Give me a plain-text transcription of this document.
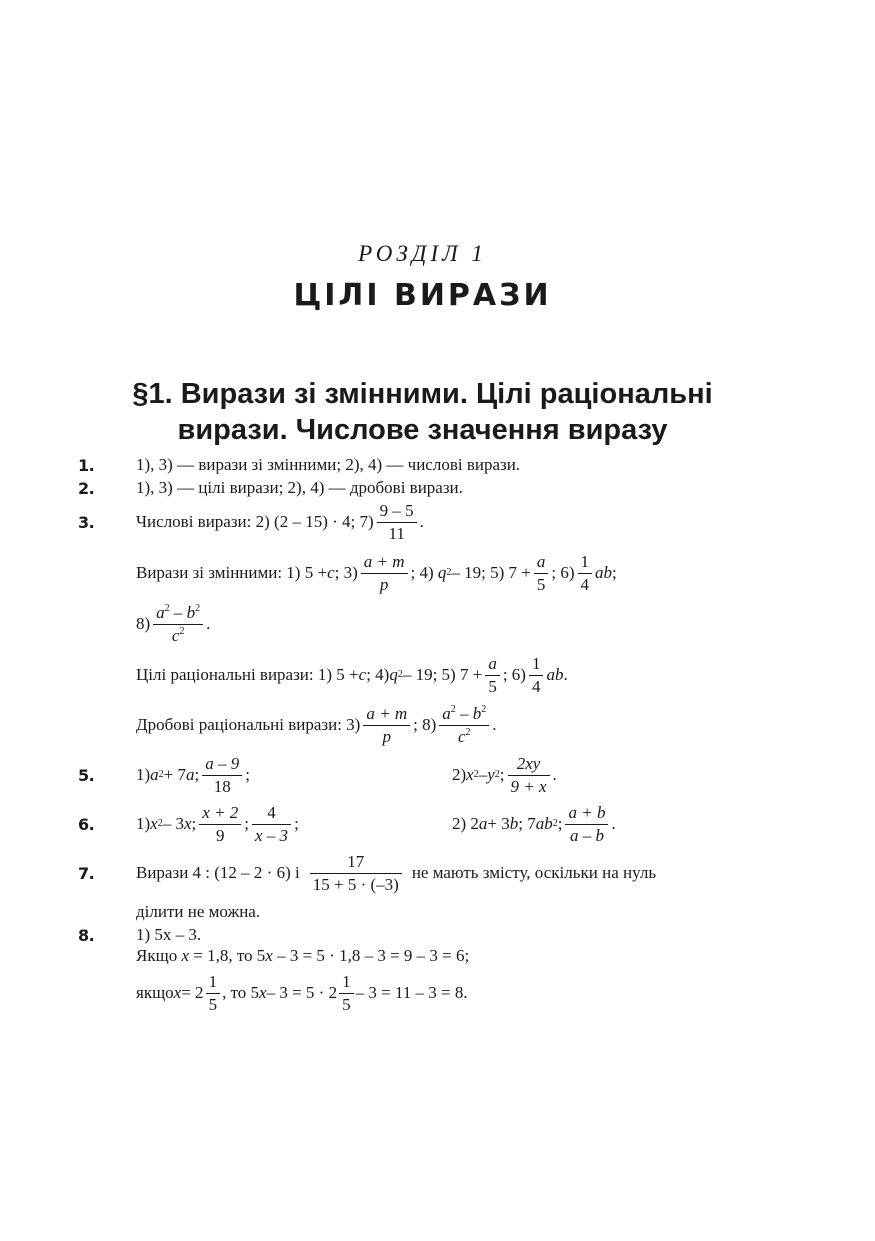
РОЗДІЛ 1
ЦІЛІ ВИРАЗИ
§1. Вирази зі змінними. Цілі раціональні
вирази. Числове значення виразу
1. 1), 3) — вирази зі змінними; 2), 4) — числові вирази.
2. 1), 3) — цілі вирази; 2), 4) — дробові вирази.
3. Числові вирази: 2) (2 – 15) · 4; $7) \frac{9 - 5}{11}$ .
Вирази зі змінними: 1) 5 + c ; $3) \frac{a + m}{p}$ ; 4)
q 2 – 19; 5) $7 + \frac{a}{5}$ ; $6) \frac{1}{4}$ ab ;
$8) \frac{a^2 - b^2}{c^2}$ .
Цілі раціональні вирази: 1) 5 + c ; 4) q 2 – 19; 5) $7 + \frac{a}{5}$ ; $6) \frac{1}{4}$ ab .
Дробові раціональні вирази: $3) \frac{a + m}{p}$ ; $8) \frac{a^2 - b^2}{c^2}$ .
5. 1) a 2 + 7 a ; $\frac{a - 9}{18}$ ;	2) x 2 – y 2 ; $\frac{2xy}{9 + x}$ .
6. 1) x 2 – 3 x ; $\frac{x + 2}{9}$ ; $\frac{4}{x - 3}$ ;	2) 2 a + 3 b ; 7 a b 2 ; $\frac{a + b}{a - b}$ .
7. Вирази 4 : (12 – 2 · 6) і $\frac{17}{15 + 5 \cdot (-3)}$ не мають змісту, оскільки на нуль
ділити не можна.
8. 1) 5x – 3.
Якщо x = 1,8, то 5x – 3 = 5 · 1,8 – 3 = 9 – 3 = 6;
якщо $x = 2 \frac{1}{5}$ , то 5 $x - 3 = 5 \cdot 2 \frac{1}{5} - 3 = 11 - 3 = 8$.
